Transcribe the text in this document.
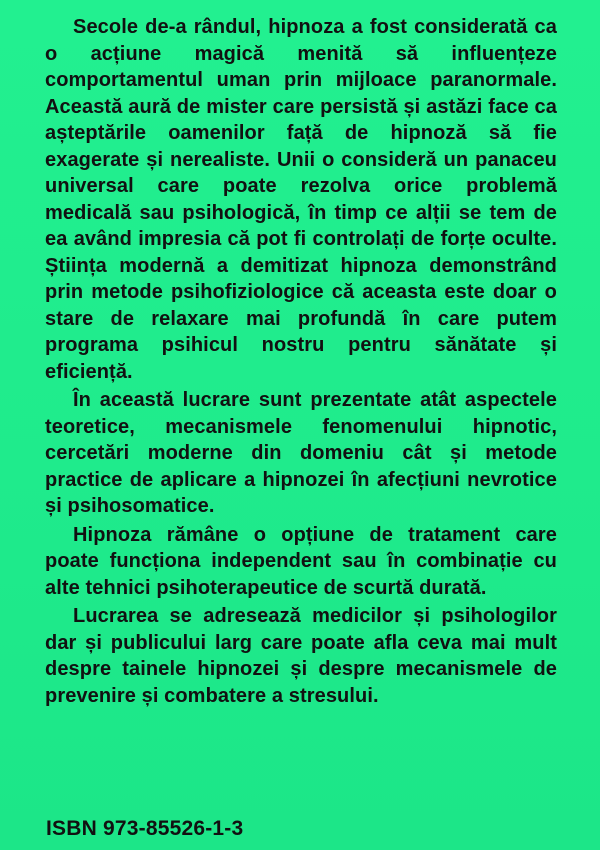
Secole de-a rândul, hipnoza a fost considerată ca o acțiune magică menită să influențeze comportamentul uman prin mijloace paranormale. Această aură de mister care persistă și astăzi face ca așteptările oamenilor față de hipnoză să fie exagerate și nerealiste. Unii o consideră un panaceu universal care poate rezolva orice problemă medicală sau psihologică, în timp ce alții se tem de ea având impresia că pot fi controlați de forțe oculte. Știința modernă a demitizat hipnoza demonstrând prin metode psihofiziologice că aceasta este doar o stare de relaxare mai profundă în care putem programa psihicul nostru pentru sănătate și eficiență.

În această lucrare sunt prezentate atât aspectele teoretice, mecanismele fenomenului hipnotic, cercetări moderne din domeniu cât și metode practice de aplicare a hipnozei în afecțiuni nevrotice și psihosomatice.

Hipnoza rămâne o opțiune de tratament care poate funcționa independent sau în combinație cu alte tehnici psihoterapeutice de scurtă durată.

Lucrarea se adresează medicilor și psihologilor dar și publicului larg care poate afla ceva mai mult despre tainele hipnozei și despre mecanismele de prevenire și combatere a stresului.

ISBN 973-85526-1-3
